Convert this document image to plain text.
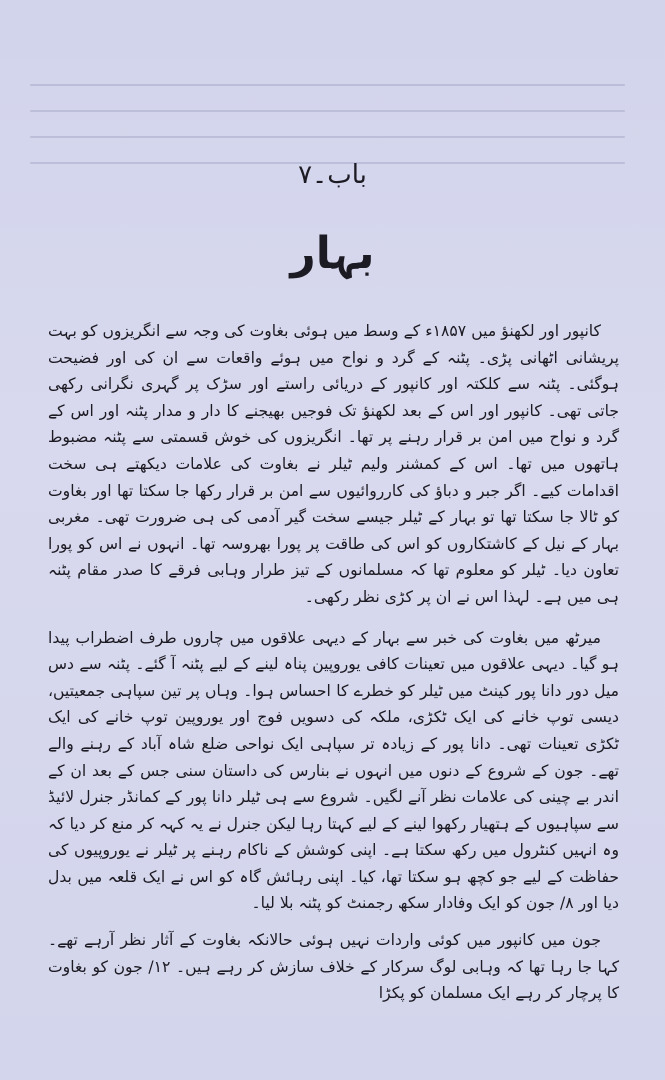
باب۔۷
بہار

کانپور اور لکھنؤ میں ۱۸۵۷ء کے وسط میں ہوئی بغاوت کی وجہ سے انگریزوں کو بہت پریشانی اٹھانی پڑی۔ پٹنہ کے گرد و نواح میں ہوئے واقعات سے ان کی اور فضیحت ہوگئی۔ پٹنہ سے کلکتہ اور کانپور کے دریائی راستے اور سڑک پر گہری نگرانی رکھی جاتی تھی۔ کانپور اور اس کے بعد لکھنؤ تک فوجیں بھیجنے کا دار و مدار پٹنہ اور اس کے گرد و نواح میں امن بر قرار رہنے پر تھا۔ انگریزوں کی خوش قسمتی سے پٹنہ مضبوط ہاتھوں میں تھا۔ اس کے کمشنر ولیم ٹیلر نے بغاوت کی علامات دیکھتے ہی سخت اقدامات کیے۔ اگر جبر و دباؤ کی کارروائیوں سے امن بر قرار رکھا جا سکتا تھا اور بغاوت کو ٹالا جا سکتا تھا تو بہار کے ٹیلر جیسے سخت گیر آدمی کی ہی ضرورت تھی۔ مغربی بہار کے نیل کے کاشتکاروں کو اس کی طاقت پر پورا بھروسہ تھا۔ انہوں نے اس کو پورا تعاون دیا۔ ٹیلر کو معلوم تھا کہ مسلمانوں کے تیز طرار وہابی فرقے کا صدر مقام پٹنہ ہی میں ہے۔ لہذا اس نے ان پر کڑی نظر رکھی۔

میرٹھ میں بغاوت کی خبر سے بہار کے دیہی علاقوں میں چاروں طرف اضطراب پیدا ہو گیا۔ دیہی علاقوں میں تعینات کافی یوروپین پناہ لینے کے لیے پٹنہ آ گئے۔ پٹنہ سے دس میل دور دانا پور کینٹ میں ٹیلر کو خطرے کا احساس ہوا۔ وہاں پر تین سپاہی جمعیتیں، دیسی توپ خانے کی ایک ٹکڑی، ملکہ کی دسویں فوج اور یوروپین توپ خانے کی ایک ٹکڑی تعینات تھی۔ دانا پور کے زیادہ تر سپاہی ایک نواحی ضلع شاہ آباد کے رہنے والے تھے۔ جون کے شروع کے دنوں میں انہوں نے بنارس کی داستان سنی جس کے بعد ان کے اندر بے چینی کی علامات نظر آنے لگیں۔ شروع سے ہی ٹیلر دانا پور کے کمانڈر جنرل لائیڈ سے سپاہیوں کے ہتھیار رکھوا لینے کے لیے کہتا رہا لیکن جنرل نے یہ کہہ کر منع کر دیا کہ وہ انہیں کنٹرول میں رکھ سکتا ہے۔ اپنی کوشش کے ناکام رہنے پر ٹیلر نے یوروپیوں کی حفاظت کے لیے جو کچھ ہو سکتا تھا، کیا۔ اپنی رہائش گاہ کو اس نے ایک قلعہ میں بدل دیا اور ۸/ جون کو ایک وفادار سکھ رجمنٹ کو پٹنہ بلا لیا۔

جون میں کانپور میں کوئی واردات نہیں ہوئی حالانکہ بغاوت کے آثار نظر آرہے تھے۔ کہا جا رہا تھا کہ وہابی لوگ سرکار کے خلاف سازش کر رہے ہیں۔ ۱۲/ جون کو بغاوت کا پرچار کر رہے ایک مسلمان کو پکڑا
